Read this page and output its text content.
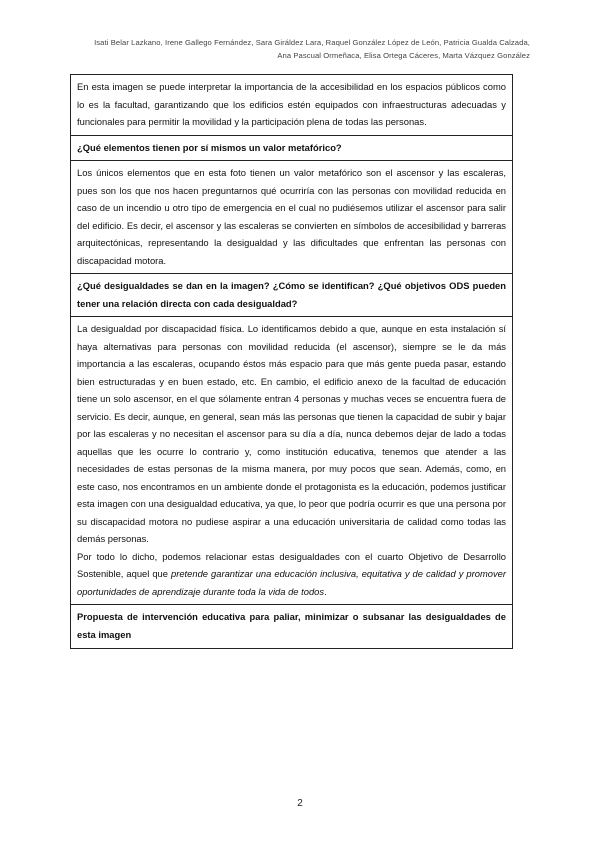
Isati Belar Lazkano, Irene Gallego Fernández, Sara Giráldez Lara, Raquel González López de León, Patricia Gualda Calzada,
Ana Pascual Ormeñaca, Elisa Ortega Cáceres, Marta Vázquez González
En esta imagen se puede interpretar la importancia de la accesibilidad en los espacios públicos como lo es la facultad, garantizando que los edificios estén equipados con infraestructuras adecuadas y funcionales para permitir la movilidad y la participación plena de todas las personas.
¿Qué elementos tienen por sí mismos un valor metafórico?
Los únicos elementos que en esta foto tienen un valor metafórico son el ascensor y las escaleras, pues son los que nos hacen preguntarnos qué ocurriría con las personas con movilidad reducida en caso de un incendio u otro tipo de emergencia en el cual no pudiésemos utilizar el ascensor para salir del edificio. Es decir, el ascensor y las escaleras se convierten en símbolos de accesibilidad y barreras arquitectónicas, representando la desigualdad y las dificultades que enfrentan las personas con discapacidad motora.
¿Qué desigualdades se dan en la imagen? ¿Cómo se identifican? ¿Qué objetivos ODS pueden tener una relación directa con cada desigualdad?

La desigualdad por discapacidad física. Lo identificamos debido a que, aunque en esta instalación sí haya alternativas para personas con movilidad reducida (el ascensor), siempre se le da más importancia a las escaleras, ocupando éstos más espacio para que más gente pueda pasar, estando bien estructuradas y en buen estado, etc. En cambio, el edificio anexo de la facultad de educación tiene un solo ascensor, en el que sólamente entran 4 personas y muchas veces se encuentra fuera de servicio. Es decir, aunque, en general, sean más las personas que tienen la capacidad de subir y bajar por las escaleras y no necesitan el ascensor para su día a día, nunca debemos dejar de lado a todas aquellas que les ocurre lo contrario y, como institución educativa, tenemos que atender a las necesidades de estas personas de la misma manera, por muy pocos que sean. Además, como, en este caso, nos encontramos en un ambiente donde el protagonista es la educación, podemos justificar esta imagen con una desigualdad educativa, ya que, lo peor que podría ocurrir es que una persona por su discapacidad motora no pudiese aspirar a una educación universitaria de calidad como todas las demás personas.

Por todo lo dicho, podemos relacionar estas desigualdades con el cuarto Objetivo de Desarrollo Sostenible, aquel que pretende garantizar una educación inclusiva, equitativa y de calidad y promover oportunidades de aprendizaje durante toda la vida de todos.

Propuesta de intervención educativa para paliar, minimizar o subsanar las desigualdades de esta imagen
2
